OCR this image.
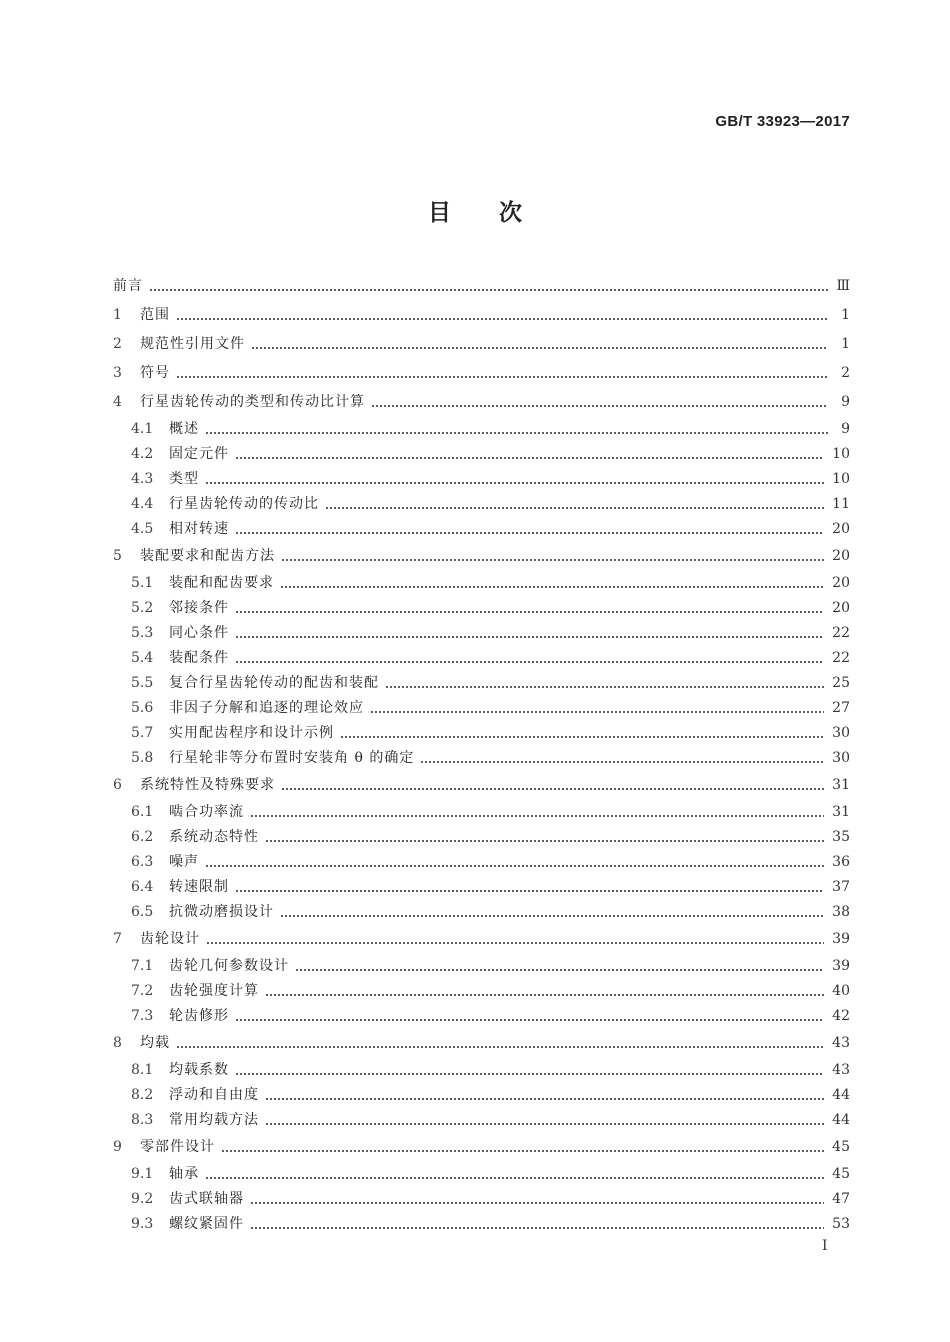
GB/T 33923—2017
目次
前言	Ⅲ
1	范围	1
2	规范性引用文件	1
3	符号	2
4	行星齿轮传动的类型和传动比计算	9
4.1	概述	9
4.2	固定元件	10
4.3	类型	10
4.4	行星齿轮传动的传动比	11
4.5	相对转速	20
5	装配要求和配齿方法	20
5.1	装配和配齿要求	20
5.2	邻接条件	20
5.3	同心条件	22
5.4	装配条件	22
5.5	复合行星齿轮传动的配齿和装配	25
5.6	非因子分解和追逐的理论效应	27
5.7	实用配齿程序和设计示例	30
5.8	行星轮非等分布置时安装角 θ 的确定	30
6	系统特性及特殊要求	31
6.1	啮合功率流	31
6.2	系统动态特性	35
6.3	噪声	36
6.4	转速限制	37
6.5	抗微动磨损设计	38
7	齿轮设计	39
7.1	齿轮几何参数设计	39
7.2	齿轮强度计算	40
7.3	轮齿修形	42
8	均载	43
8.1	均载系数	43
8.2	浮动和自由度	44
8.3	常用均载方法	44
9	零部件设计	45
9.1	轴承	45
9.2	齿式联轴器	47
9.3	螺纹紧固件	53
Ⅰ
